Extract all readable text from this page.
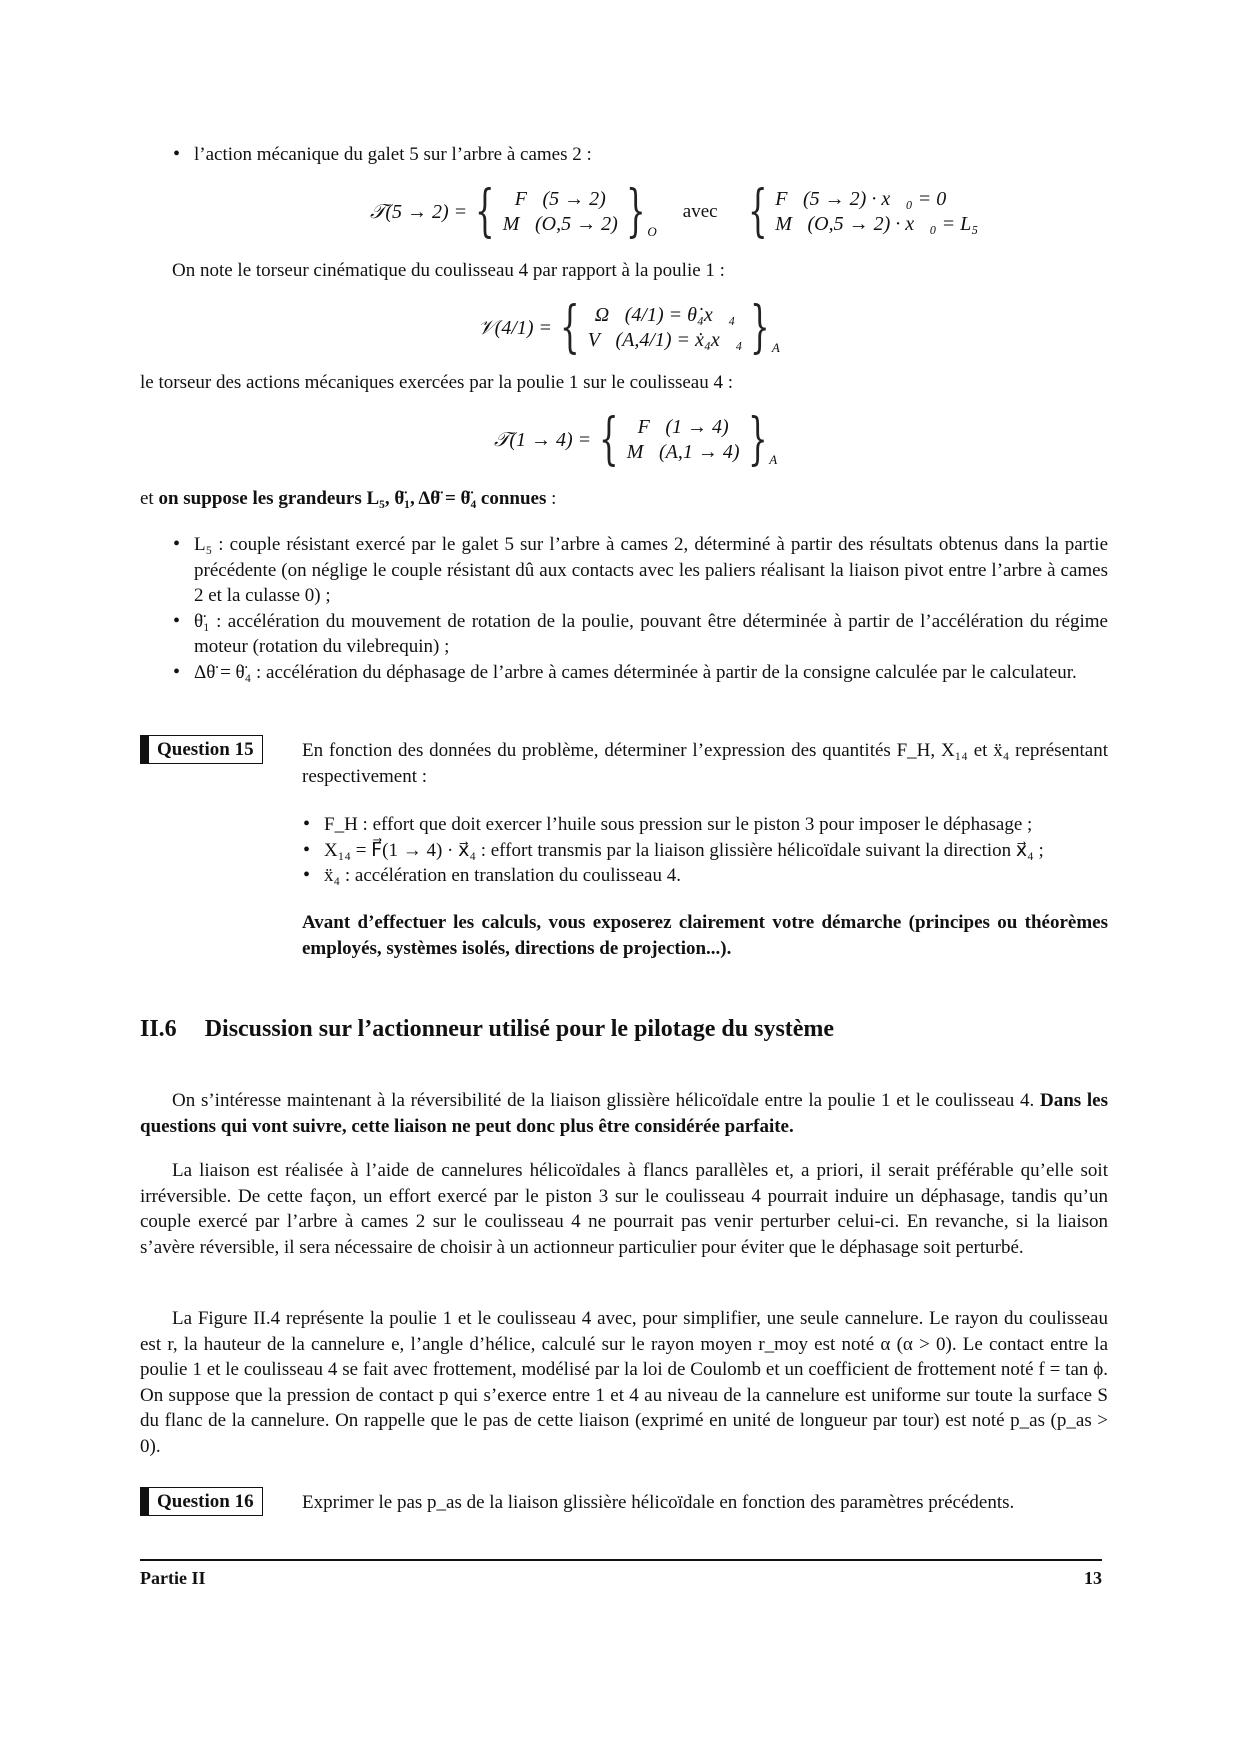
• l’action mécanique du galet 5 sur l’arbre à cames 2 :
𝒯(5 → 2) = { F⃗(5 → 2)
M⃗(O,5 → 2) } O
avec { F⃗(5 → 2) · x⃗₀ = 0
M⃗(O,5 → 2) · x⃗₀ = L₅
On note le torseur cinématique du coulisseau 4 par rapport à la poulie 1 :
𝒱(4/1) = { Ω⃗(4/1) = θ̇₄x⃗₄
V⃗(A,4/1) = ẋ₄x⃗₄ } A
le torseur des actions mécaniques exercées par la poulie 1 sur le coulisseau 4 :
𝒯(1 → 4) = { F⃗(1 → 4)
M⃗(A,1 → 4) } A
et on suppose les grandeurs L₅, θ̈₁, Δθ̈ = θ̈₄ connues :
• L₅ : couple résistant exercé par le galet 5 sur l’arbre à cames 2, déterminé à partir des résultats obtenus dans la partie précédente (on néglige le couple résistant dû aux contacts avec les paliers réalisant la liaison pivot entre l’arbre à cames 2 et la culasse 0) ;
• θ̈₁ : accélération du mouvement de rotation de la poulie, pouvant être déterminée à partir de l’accélération du régime moteur (rotation du vilebrequin) ;
• Δθ̈ = θ̈₄ : accélération du déphasage de l’arbre à cames déterminée à partir de la consigne calculée par le calculateur.
Question 15	En fonction des données du problème, déterminer l’expression des quantités F_H, X₁₄ et ẍ₄ représentant respectivement :
• F_H : effort que doit exercer l’huile sous pression sur le piston 3 pour imposer le déphasage ;
• X₁₄ = F⃗(1 → 4) · x⃗₄ : effort transmis par la liaison glissière hélicoïdale suivant la direction x⃗₄ ;
• ẍ₄ : accélération en translation du coulisseau 4.
Avant d’effectuer les calculs, vous exposerez clairement votre démarche (principes ou théorèmes employés, systèmes isolés, directions de projection...).
II.6 Discussion sur l’actionneur utilisé pour le pilotage du système

On s’intéresse maintenant à la réversibilité de la liaison glissière hélicoïdale entre la poulie 1 et le coulisseau 4. Dans les questions qui vont suivre, cette liaison ne peut donc plus être considérée parfaite.

La liaison est réalisée à l’aide de cannelures hélicoïdales à flancs parallèles et, a priori, il serait préférable qu’elle soit irréversible. De cette façon, un effort exercé par le piston 3 sur le coulisseau 4 pourrait induire un déphasage, tandis qu’un couple exercé par l’arbre à cames 2 sur le coulisseau 4 ne pourrait pas venir perturber celui-ci. En revanche, si la liaison s’avère réversible, il sera nécessaire de choisir à un actionneur particulier pour éviter que le déphasage soit perturbé.

La Figure II.4 représente la poulie 1 et le coulisseau 4 avec, pour simplifier, une seule cannelure. Le rayon du coulisseau est r, la hauteur de la cannelure e, l’angle d’hélice, calculé sur le rayon moyen r_moy est noté α (α > 0). Le contact entre la poulie 1 et le coulisseau 4 se fait avec frottement, modélisé par la loi de Coulomb et un coefficient de frottement noté f = tan ϕ. On suppose que la pression de contact p qui s’exerce entre 1 et 4 au niveau de la cannelure est uniforme sur toute la surface S du flanc de la cannelure. On rappelle que le pas de cette liaison (exprimé en unité de longueur par tour) est noté p_as (p_as > 0).

Question 16	Exprimer le pas p_as de la liaison glissière hélicoïdale en fonction des paramètres précédents.
Partie II	13
